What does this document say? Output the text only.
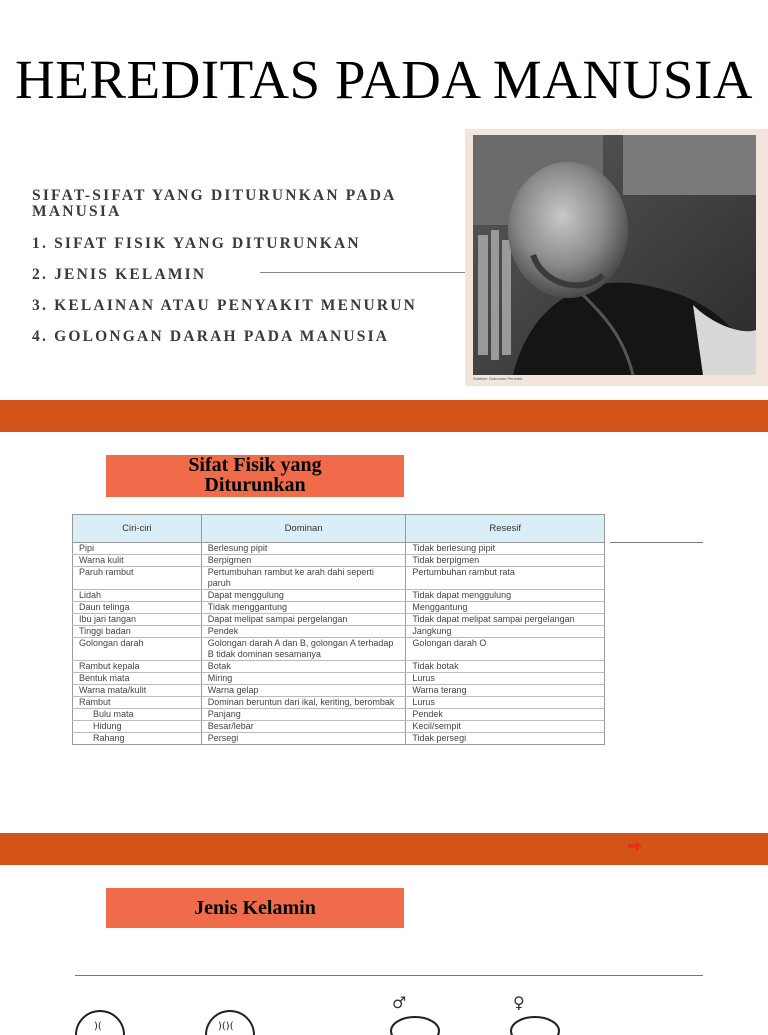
HEREDITAS PADA MANUSIA
SIFAT-SIFAT YANG DITURUNKAN PADA MANUSIA
1. SIFAT FISIK YANG DITURUNKAN
2. JENIS KELAMIN
3. KELAINAN ATAU PENYAKIT MENURUN
4. GOLONGAN DARAH PADA MANUSIA
Sumber: Dokumen Penerbit
Sifat Fisik yang
Diturunkan
Ciri-ciri	Dominan	Resesif
Pipi	Berlesung pipit	Tidak berlesung pipit
Warna kulit	Berpigmen	Tidak berpigmen
Paruh rambut	Pertumbuhan rambut ke arah dahi seperti paruh	Pertumbuhan rambut rata
Lidah	Dapat menggulung	Tidak dapat menggulung
Daun telinga	Tidak menggantung	Menggantung
Ibu jari tangan	Dapat melipat sampai pergelangan	Tidak dapat melipat sampai pergelangan
Tinggi badan	Pendek	Jangkung
Golongan darah	Golongan darah A dan B, golongan A terhadap B tidak dominan sesamanya	Golongan darah O
Rambut kepala	Botak	Tidak botak
Bentuk mata	Miring	Lurus
Warna mata/kulit	Warna gelap	Warna terang
Rambut	Dominan beruntun dari ikal, keriting, berombak	Lurus
Bulu mata	Panjang	Pendek
Hidung	Besar/lebar	Kecil/sempit
Rahang	Persegi	Tidak persegi
Jenis Kelamin
)(	)()(
♂	♀
